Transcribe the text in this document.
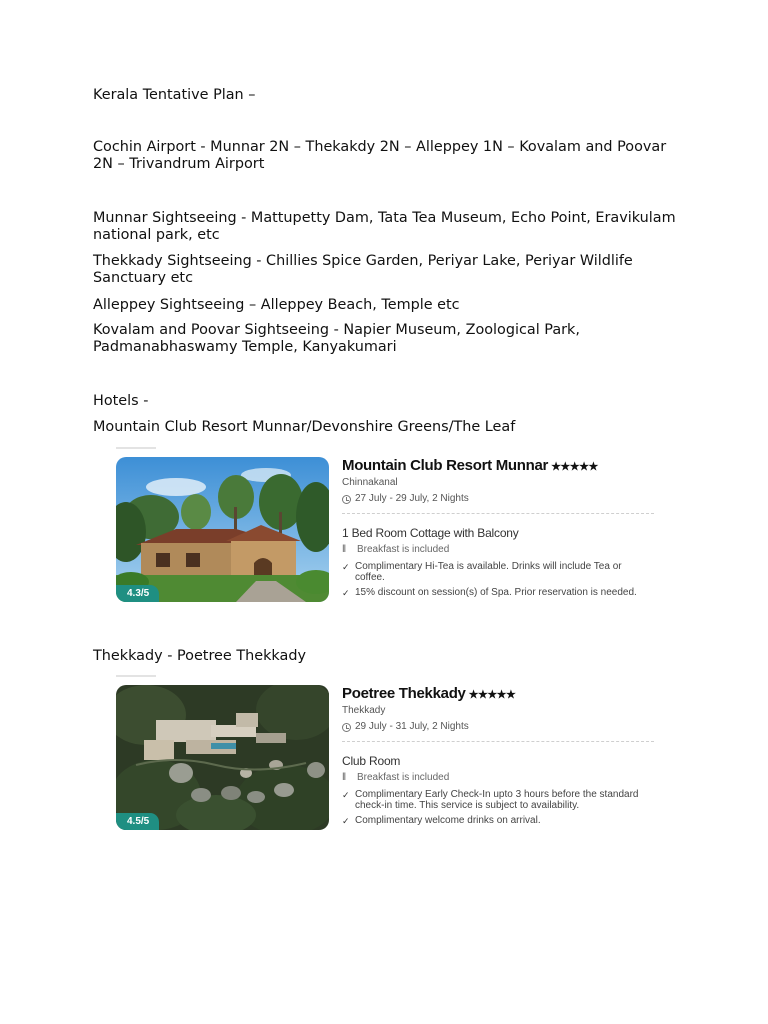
Kerala Tentative Plan –

Cochin Airport - Munnar 2N – Thekakdy 2N – Alleppey 1N – Kovalam and Poovar 2N – Trivandrum Airport

Munnar Sightseeing - Mattupetty Dam, Tata Tea Museum, Echo Point, Eravikulam national park, etc

Thekkady Sightseeing - Chillies Spice Garden, Periyar Lake, Periyar Wildlife Sanctuary etc

Alleppey Sightseeing – Alleppey Beach, Temple etc

Kovalam and Poovar Sightseeing - Napier Museum, Zoological Park, Padmanabhaswamy Temple, Kanyakumari

Hotels -

Mountain Club Resort Munnar/Devonshire Greens/The Leaf

4.3/5
Mountain Club Resort Munnar ★★★★★
Chinnakanal
27 July - 29 July, 2 Nights
1 Bed Room Cottage with Balcony
ǁ	Breakfast is included
✓ Complimentary Hi-Tea is available. Drinks will include Tea or coffee.
✓ 15% discount on session(s) of Spa. Prior reservation is needed.

Thekkady - Poetree Thekkady

4.5/5
Poetree Thekkady ★★★★★
Thekkady
29 July - 31 July, 2 Nights
Club Room
ǁ	Breakfast is included
✓ Complimentary Early Check-In upto 3 hours before the standard check-in time. This service is subject to availability.
✓ Complimentary welcome drinks on arrival.
